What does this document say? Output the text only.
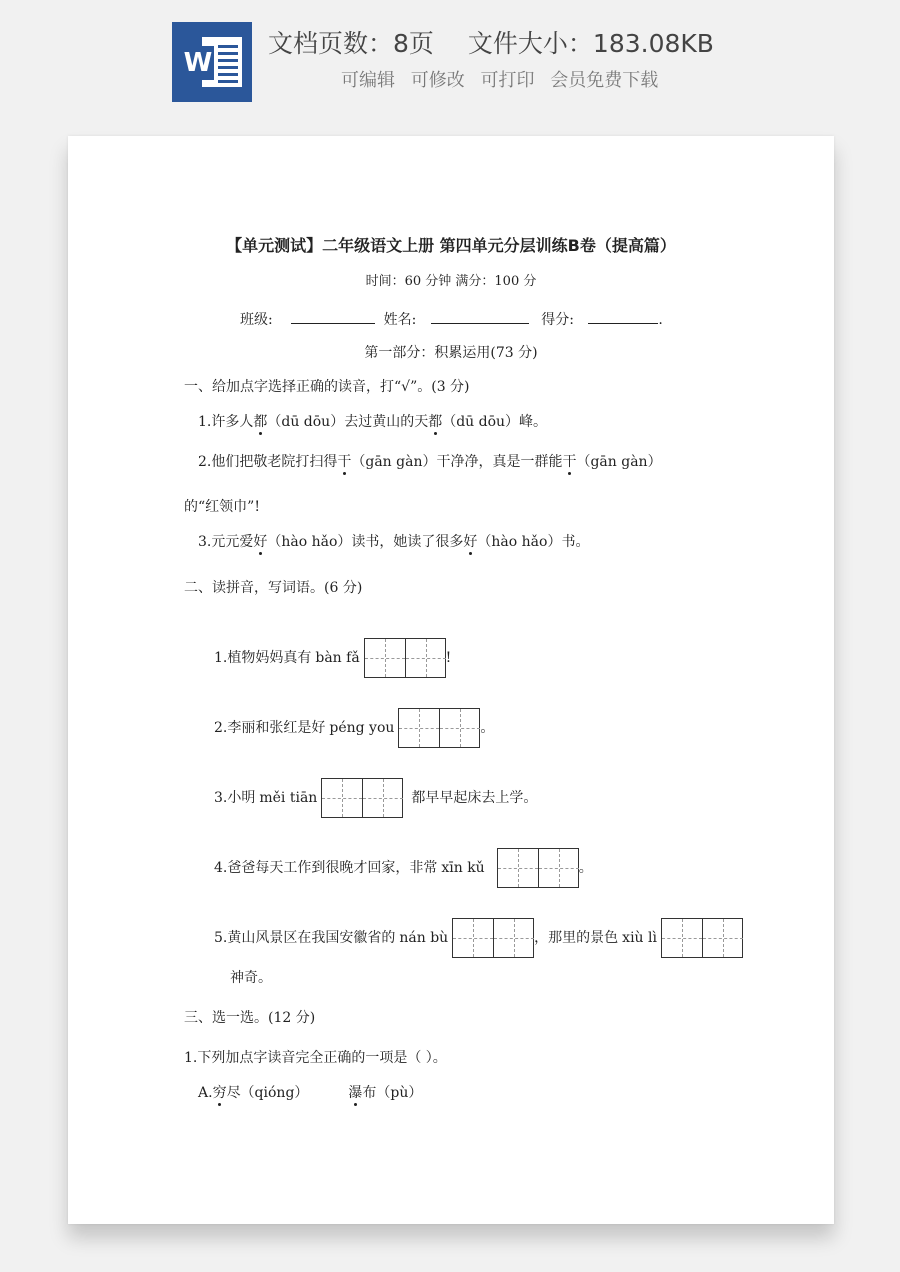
W
文档页数：8页 文件大小：183.08KB
可编辑 可修改 可打印 会员免费下载
【单元测试】二年级语文上册 第四单元分层训练B卷（提高篇）
时间：60 分钟 满分：100 分
班级:	姓名:	得分:	.
第一部分：积累运用(73 分)
一、给加点字选择正确的读音，打“√”。(3 分)
1.许多人都（dū dōu）去过黄山的天都（dū dōu）峰。
2.他们把敬老院打扫得干（gān gàn）干净净，真是一群能干（gān gàn）
的“红领巾”!
3.元元爱好（hào hǎo）读书，她读了很多好（hào hǎo）书。
二、读拼音，写词语。(6 分)
1.植物妈妈真有 bàn fǎ	!
2.李丽和张红是好 péng you	。
3.小明 měi tiān	都早早起床去上学。
4.爸爸每天工作到很晚才回家，非常 xīn kǔ	。
5.黄山风景区在我国安徽省的 nán bù	，那里的景色 xiù lì
神奇。
三、选一选。(12 分)
1.下列加点字读音完全正确的一项是（ ）。
A.穷尽（qióng）	瀑布（pù）
